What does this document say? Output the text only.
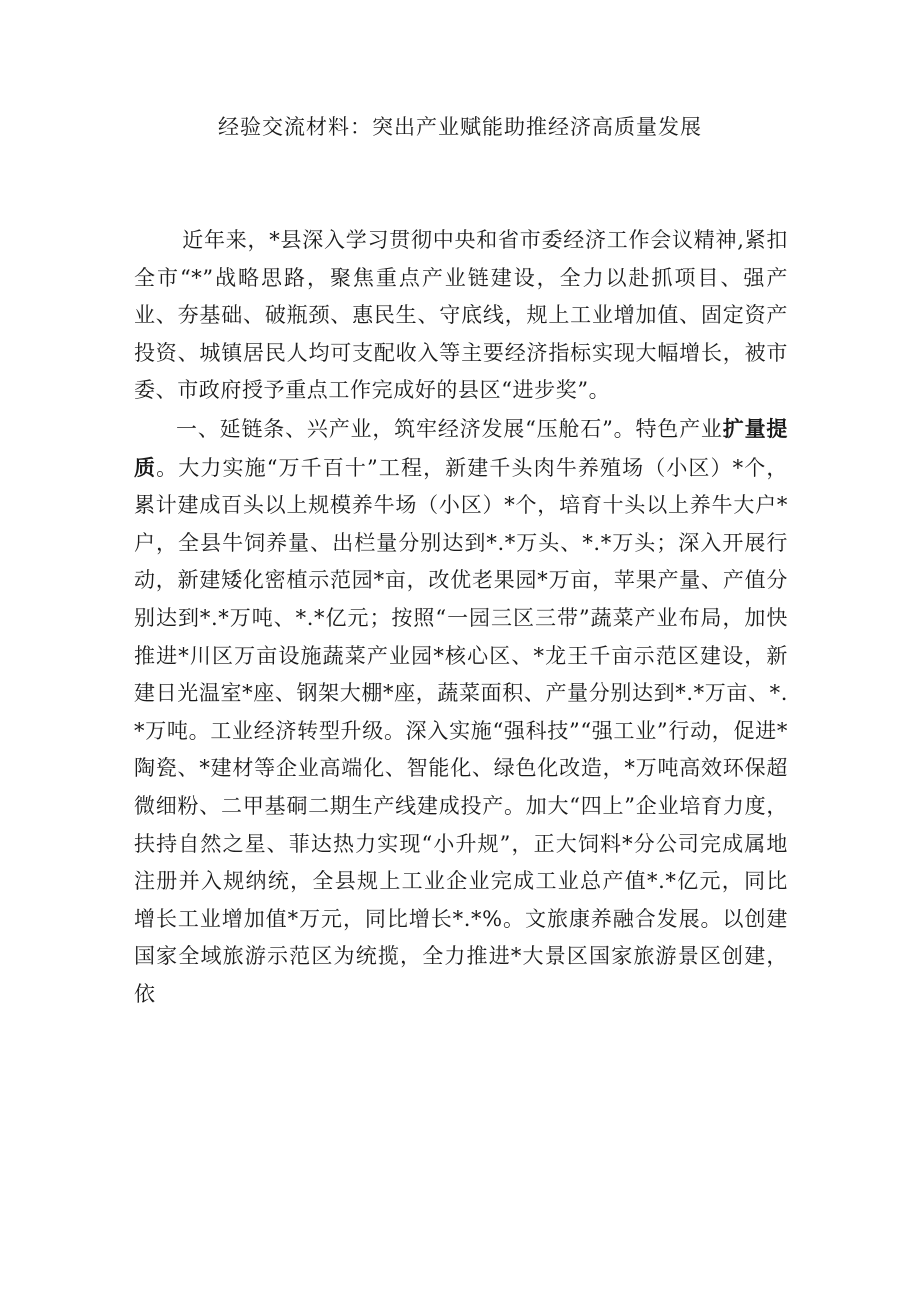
经验交流材料：突出产业赋能助推经济高质量发展

近年来，*县深入学习贯彻中央和省市委经济工作会议精神,紧扣全市“*”战略思路，聚焦重点产业链建设，全力以赴抓项目、强产业、夯基础、破瓶颈、惠民生、守底线，规上工业增加值、固定资产投资、城镇居民人均可支配收入等主要经济指标实现大幅增长，被市委、市政府授予重点工作完成好的县区“进步奖”。

一、延链条、兴产业，筑牢经济发展“压舱石”。特色产业扩量提质。大力实施“万千百十”工程，新建千头肉牛养殖场（小区）*个，累计建成百头以上规模养牛场（小区）*个，培育十头以上养牛大户*户，全县牛饲养量、出栏量分别达到*.*万头、*.*万头；深入开展行动，新建矮化密植示范园*亩，改优老果园*万亩，苹果产量、产值分别达到*.*万吨、*.*亿元；按照“一园三区三带”蔬菜产业布局，加快推进*川区万亩设施蔬菜产业园*核心区、*龙王千亩示范区建设，新建日光温室*座、钢架大棚*座，蔬菜面积、产量分别达到*.*万亩、*.*万吨。工业经济转型升级。深入实施“强科技”“强工业”行动，促进*陶瓷、*建材等企业高端化、智能化、绿色化改造，*万吨高效环保超微细粉、二甲基硐二期生产线建成投产。加大“四上”企业培育力度，扶持自然之星、菲达热力实现“小升规”，正大饲料*分公司完成属地注册并入规纳统，全县规上工业企业完成工业总产值*.*亿元，同比增长工业增加值*万元，同比增长*.*%。文旅康养融合发展。以创建国家全域旅游示范区为统揽，全力推进*大景区国家旅游景区创建，依
